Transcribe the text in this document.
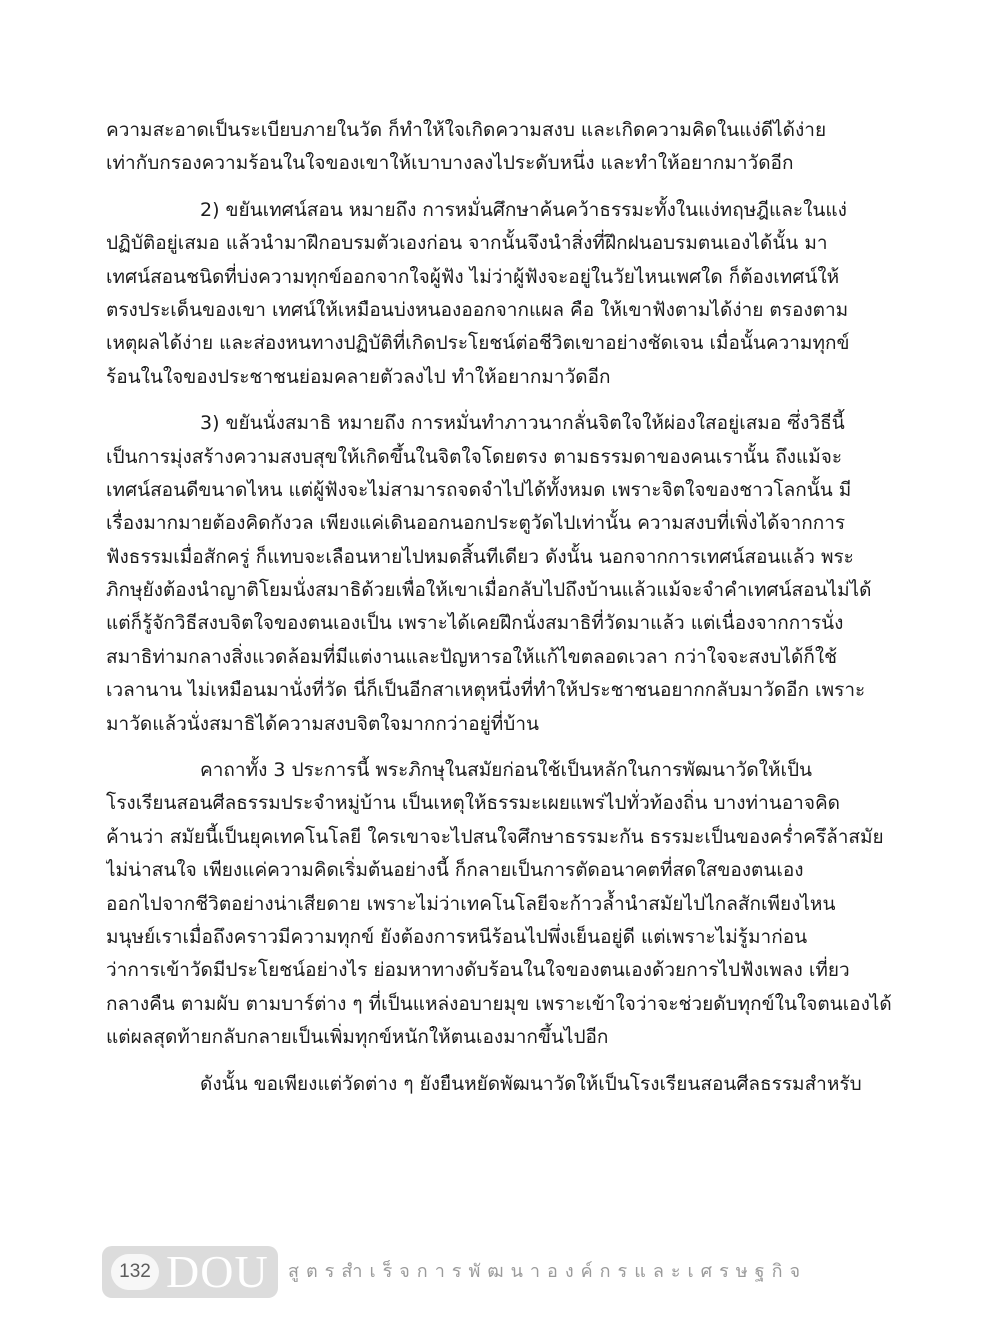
ความสะอาดเป็นระเบียบภายในวัด ก็ทำให้ใจเกิดความสงบ และเกิดความคิดในแง่ดีได้ง่าย
เท่ากับกรองความร้อนในใจของเขาให้เบาบางลงไประดับหนึ่ง และทำให้อยากมาวัดอีก
2) ขยันเทศน์สอน หมายถึง การหมั่นศึกษาค้นคว้าธรรมะทั้งในแง่ทฤษฎีและในแง่
ปฏิบัติอยู่เสมอ แล้วนำมาฝึกอบรมตัวเองก่อน จากนั้นจึงนำสิ่งที่ฝึกฝนอบรมตนเองได้นั้น มา
เทศน์สอนชนิดที่บ่งความทุกข์ออกจากใจผู้ฟัง ไม่ว่าผู้ฟังจะอยู่ในวัยไหนเพศใด ก็ต้องเทศน์ให้
ตรงประเด็นของเขา เทศน์ให้เหมือนบ่งหนองออกจากแผล คือ ให้เขาฟังตามได้ง่าย ตรองตาม
เหตุผลได้ง่าย และส่องหนทางปฏิบัติที่เกิดประโยชน์ต่อชีวิตเขาอย่างชัดเจน เมื่อนั้นความทุกข์
ร้อนในใจของประชาชนย่อมคลายตัวลงไป ทำให้อยากมาวัดอีก
3) ขยันนั่งสมาธิ หมายถึง การหมั่นทำภาวนากลั่นจิตใจให้ผ่องใสอยู่เสมอ ซึ่งวิธีนี้
เป็นการมุ่งสร้างความสงบสุขให้เกิดขึ้นในจิตใจโดยตรง ตามธรรมดาของคนเรานั้น ถึงแม้จะ
เทศน์สอนดีขนาดไหน แต่ผู้ฟังจะไม่สามารถจดจำไปได้ทั้งหมด เพราะจิตใจของชาวโลกนั้น มี
เรื่องมากมายต้องคิดกังวล เพียงแค่เดินออกนอกประตูวัดไปเท่านั้น ความสงบที่เพิ่งได้จากการ
ฟังธรรมเมื่อสักครู่ ก็แทบจะเลือนหายไปหมดสิ้นทีเดียว ดังนั้น นอกจากการเทศน์สอนแล้ว พระ
ภิกษุยังต้องนำญาติโยมนั่งสมาธิด้วยเพื่อให้เขาเมื่อกลับไปถึงบ้านแล้วแม้จะจำคำเทศน์สอนไม่ได้
แต่ก็รู้จักวิธีสงบจิตใจของตนเองเป็น เพราะได้เคยฝึกนั่งสมาธิที่วัดมาแล้ว แต่เนื่องจากการนั่ง
สมาธิท่ามกลางสิ่งแวดล้อมที่มีแต่งานและปัญหารอให้แก้ไขตลอดเวลา กว่าใจจะสงบได้ก็ใช้
เวลานาน ไม่เหมือนมานั่งที่วัด นี่ก็เป็นอีกสาเหตุหนึ่งที่ทำให้ประชาชนอยากกลับมาวัดอีก เพราะ
มาวัดแล้วนั่งสมาธิได้ความสงบจิตใจมากกว่าอยู่ที่บ้าน
คาถาทั้ง 3 ประการนี้ พระภิกษุในสมัยก่อนใช้เป็นหลักในการพัฒนาวัดให้เป็น
โรงเรียนสอนศีลธรรมประจำหมู่บ้าน เป็นเหตุให้ธรรมะเผยแพร่ไปทั่วท้องถิ่น บางท่านอาจคิด
ค้านว่า สมัยนี้เป็นยุคเทคโนโลยี ใครเขาจะไปสนใจศึกษาธรรมะกัน ธรรมะเป็นของคร่ำครึล้าสมัย
ไม่น่าสนใจ เพียงแค่ความคิดเริ่มต้นอย่างนี้ ก็กลายเป็นการตัดอนาคตที่สดใสของตนเอง
ออกไปจากชีวิตอย่างน่าเสียดาย เพราะไม่ว่าเทคโนโลยีจะก้าวล้ำนำสมัยไปไกลสักเพียงไหน
มนุษย์เราเมื่อถึงคราวมีความทุกข์ ยังต้องการหนีร้อนไปพึ่งเย็นอยู่ดี แต่เพราะไม่รู้มาก่อน
ว่าการเข้าวัดมีประโยชน์อย่างไร ย่อมหาทางดับร้อนในใจของตนเองด้วยการไปฟังเพลง เที่ยว
กลางคืน ตามผับ ตามบาร์ต่าง ๆ ที่เป็นแหล่งอบายมุข เพราะเข้าใจว่าจะช่วยดับทุกข์ในใจตนเองได้
แต่ผลสุดท้ายกลับกลายเป็นเพิ่มทุกข์หนักให้ตนเองมากขึ้นไปอีก
ดังนั้น ขอเพียงแต่วัดต่าง ๆ ยังยืนหยัดพัฒนาวัดให้เป็นโรงเรียนสอนศีลธรรมสำหรับ
132 DOU สูตรสำเร็จการพัฒนาองค์กรและเศรษฐกิจ
